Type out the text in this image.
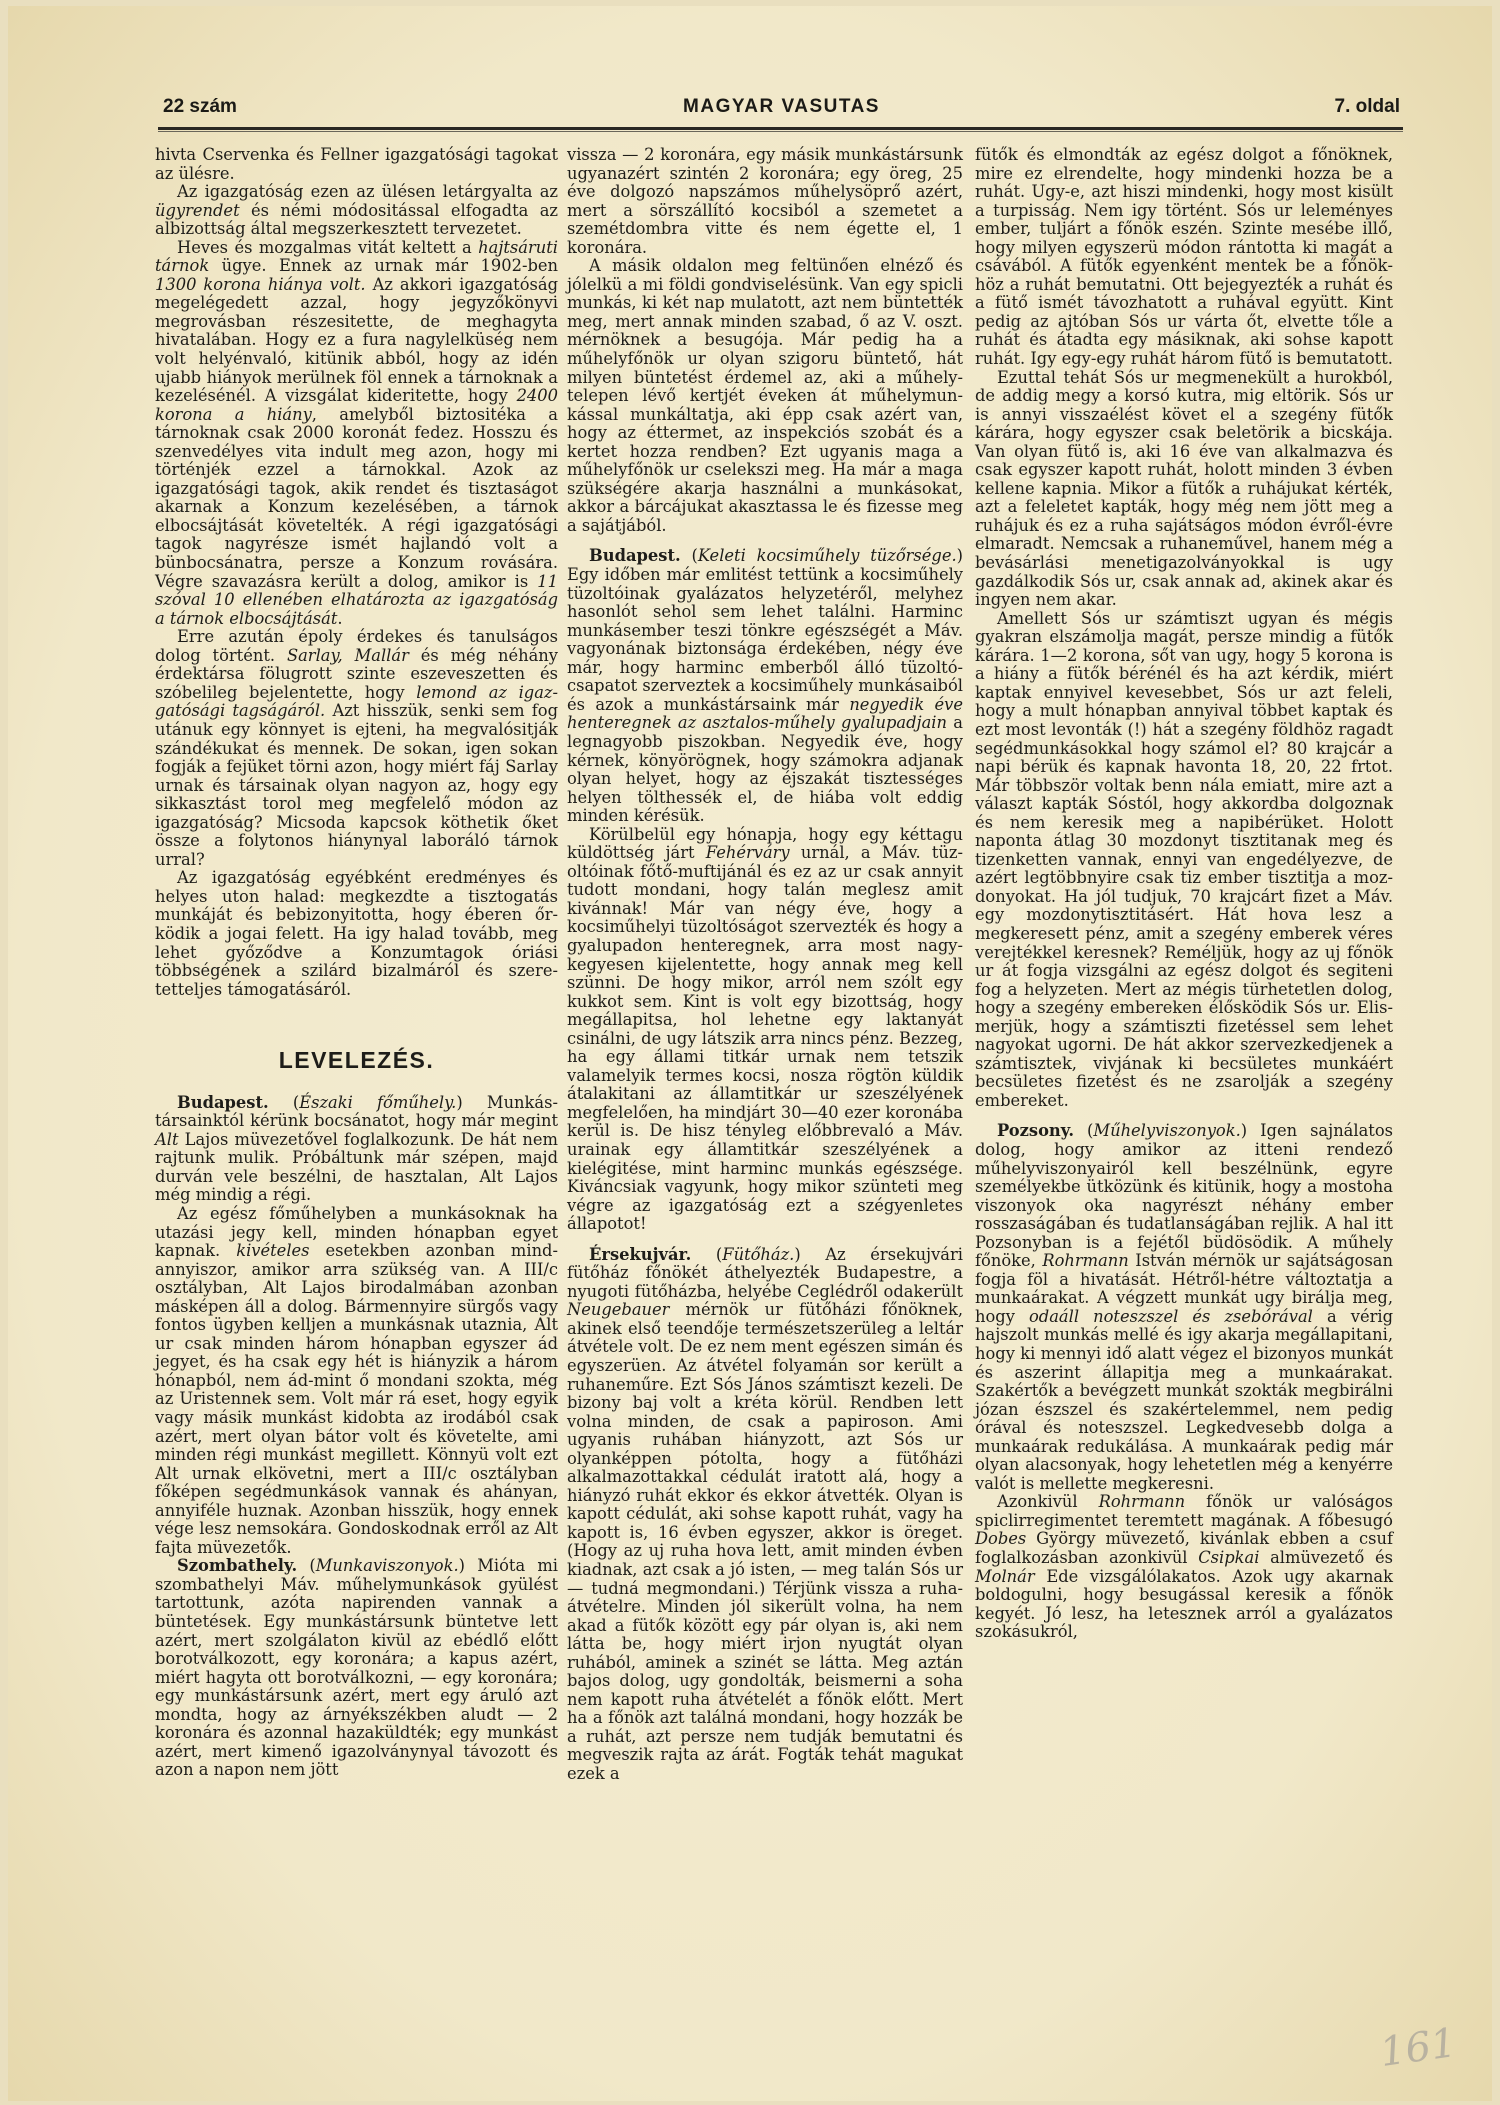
22 szám	MAGYAR VASUTAS	7. oldal

hivta Cservenka és Fellner igazgatósági tagokat az ülésre.

Az igazgatóság ezen az ülésen letárgyalta az ügyrendet és némi módositással elfogadta az albizottság által megszerkesztett tervezetet.

Heves és mozgalmas vitát keltett a hajtsáruti tárnok ügye. Ennek az urnak már 1902-ben 1300 korona hiánya volt. Az akkori igazgatóság megelégedett azzal, hogy jegyzőkönyvi megrovásban részesitette, de meghagyta hivatalában. Hogy ez a fura nagylelküség nem volt helyénvaló, kitünik abból, hogy az idén ujabb hiányok merülnek föl ennek a tárnoknak a kezelésénél. A vizsgálat kideritette, hogy 2400 korona a hiány, amelyből biztositéka a tárnoknak csak 2000 koronát fedez. Hosszu és szenvedélyes vita indult meg azon, hogy mi történjék ezzel a tárnokkal. Azok az igazgatósági tagok, akik rendet és tisztaságot akarnak a Konzum kezelésében, a tárnok elbocsájtását követelték. A régi igazgatósági tagok nagyrésze ismét hajlandó volt a bünbocsánatra, persze a Konzum rovására. Végre szavazásra került a dolog, amikor is 11 szóval 10 ellenében elhatározta az igazgatóság a tárnok elbocsájtását.

Erre azután époly érdekes és tanulságos dolog történt. Sarlay, Mallár és még néhány érdektársa fölugrott szinte eszeveszetten és szóbelileg bejelentette, hogy lemond az igazgatósági tagságáról. Azt hisszük, senki sem fog utánuk egy könnyet is ejteni, ha megvalósitják szándékukat és mennek. De sokan, igen sokan fogják a fejüket törni azon, hogy miért fáj Sarlay urnak és társainak olyan nagyon az, hogy egy sikkasztást torol meg megfelelő módon az igazgatóság? Micsoda kapcsok köthetik őket össze a folytonos hiánynyal laboráló tárnok urral?

Az igazgatóság egyébként eredményes és helyes uton halad: megkezdte a tisztogatás munkáját és bebizonyitotta, hogy éberen őrködik a jogai felett. Ha igy halad tovább, meg lehet győződve a Konzumtagok óriási többségének a szilárd bizalmáról és szeretetteljes támogatásáról.

LEVELEZÉS.

Budapest. (Északi főműhely.) Munkástársainktól kérünk bocsánatot, hogy már megint Alt Lajos müvezetővel foglalkozunk. De hát nem rajtunk mulik. Próbáltunk már szépen, majd durván vele beszélni, de hasztalan, Alt Lajos még mindig a régi.

Az egész főműhelyben a munkásoknak ha utazási jegy kell, minden hónapban egyet kapnak. kivételes esetekben azonban mindannyiszor, amikor arra szükség van. A III/c osztályban, Alt Lajos birodalmában azonban másképen áll a dolog. Bármennyire sürgős vagy fontos ügyben kelljen a munkásnak utaznia, Alt ur csak minden három hónapban egyszer ád jegyet, és ha csak egy hét is hiányzik a három hónapból, nem ád-mint ő mondani szokta, még az Uristennek sem. Volt már rá eset, hogy egyik vagy másik munkást kidobta az irodából csak azért, mert olyan bátor volt és követelte, ami minden régi munkást megillett. Könnyü volt ezt Alt urnak elkövetni, mert a III/c osztályban főképen segédmunkások vannak és ahányan, annyiféle huznak. Azonban hisszük, hogy ennek vége lesz nemsokára. Gondoskodnak erről az Alt fajta müvezetők.

Szombathely. (Munkaviszonyok.) Mióta mi szombathelyi Máv. műhelymunkások gyülést tartottunk, azóta napirenden vannak a büntetések. Egy munkástársunk büntetve lett azért, mert szolgálaton kivül az ebédlő előtt borotválkozott, egy koronára; a kapus azért, miért hagyta ott borotválkozni, — egy koronára; egy munkástársunk azért, mert egy áruló azt mondta, hogy az árnyékszékben aludt — 2 koronára és azonnal hazaküldték; egy munkást azért, mert kimenő igazolványnyal távozott és azon a napon nem jött

vissza — 2 koronára, egy másik munkástársunk ugyanazért szintén 2 koronára; egy öreg, 25 éve dolgozó napszámos műhelysöprő azért, mert a sörszállító kocsiból a szemetet a szemétdombra vitte és nem égette el, 1 koronára.

A másik oldalon meg feltünően elnéző és jólelkü a mi földi gondviselésünk. Van egy spicli munkás, ki két nap mulatott, azt nem büntették meg, mert annak minden szabad, ő az V. oszt. mérnöknek a besugója. Már pedig ha a műhelyfőnök ur olyan szigoru büntető, hát milyen büntetést érdemel az, aki a műhelytelepen lévő kertjét éveken át műhelymunkással munkáltatja, aki épp csak azért van, hogy az éttermet, az inspekciós szobát és a kertet hozza rendben? Ezt ugyanis maga a műhelyfőnök ur cselekszi meg. Ha már a maga szükségére akarja használni a munkásokat, akkor a bárcájukat akasztassa le és fizesse meg a sajátjából.

Budapest. (Keleti kocsiműhely tüzőrsége.) Egy időben már emlitést tettünk a kocsiműhely tüzoltóinak gyalázatos helyzetéről, melyhez hasonlót sehol sem lehet találni. Harminc munkásember teszi tönkre egészségét a Máv. vagyonának biztonsága érdekében, négy éve már, hogy harminc emberből álló tüzoltó-csapatot szerveztek a kocsiműhely munkásaiból és azok a munkástársaink már negyedik éve henteregnek az asztalos-műhely gyalupadjain a legnagyobb piszokban. Negyedik éve, hogy kérnek, könyörögnek, hogy számokra adjanak olyan helyet, hogy az éjszakát tisztességes helyen tölthessék el, de hiába volt eddig minden kérésük.

Körülbelül egy hónapja, hogy egy kéttagu küldöttség járt Fehérváry urnál, a Máv. tüzoltóinak főtő-muftijánál és ez az ur csak annyit tudott mondani, hogy talán meglesz amit kivánnak! Már van négy éve, hogy a kocsiműhelyi tüzoltóságot szervezték és hogy a gyalupadon henteregnek, arra most nagykegyesen kijelentette, hogy annak meg kell szünni. De hogy mikor, arról nem szólt egy kukkot sem. Kint is volt egy bizottság, hogy megállapitsa, hol lehetne egy laktanyát csinálni, de ugy látszik arra nincs pénz. Bezzeg, ha egy állami titkár urnak nem tetszik valamelyik termes kocsi, nosza rögtön küldik átalakitani az államtitkár ur szeszélyének megfelelően, ha mindjárt 30—40 ezer koronába kerül is. De hisz tényleg előbbrevaló a Máv. urainak egy államtitkár szeszélyének a kielégitése, mint harminc munkás egészsége. Kiváncsiak vagyunk, hogy mikor szünteti meg végre az igazgatóság ezt a szégyenletes állapotot!

Érsekujvár. (Fütőház.) Az érsekujvári fütőház főnökét áthelyezték Budapestre, a nyugoti fütőházba, helyébe Ceglédről odakerült Neugebauer mérnök ur fütőházi főnöknek, akinek első teendője természetszerüleg a leltár átvétele volt. De ez nem ment egészen simán és egyszerüen. Az átvétel folyamán sor került a ruhaneműre. Ezt Sós János számtiszt kezeli. De bizony baj volt a kréta körül. Rendben lett volna minden, de csak a papiroson. Ami ugyanis ruhában hiányzott, azt Sós ur olyanképpen pótolta, hogy a fütőházi alkalmazottakkal cédulát iratott alá, hogy a hiányzó ruhát ekkor és ekkor átvették. Olyan is kapott cédulát, aki sohse kapott ruhát, vagy ha kapott is, 16 évben egyszer, akkor is öreget. (Hogy az uj ruha hova lett, amit minden évben kiadnak, azt csak a jó isten, — meg talán Sós ur — tudná megmondani.) Térjünk vissza a ruhaátvételre. Minden jól sikerült volna, ha nem akad a fütők között egy pár olyan is, aki nem látta be, hogy miért irjon nyugtát olyan ruhából, aminek a szinét se látta. Meg aztán bajos dolog, ugy gondolták, beismerni a soha nem kapott ruha átvételét a főnök előtt. Mert ha a főnök azt találná mondani, hogy hozzák be a ruhát, azt persze nem tudják bemutatni és megveszik rajta az árát. Fogták tehát magukat ezek a

fütők és elmondták az egész dolgot a főnöknek, mire ez elrendelte, hogy mindenki hozza be a ruhát. Ugy-e, azt hiszi mindenki, hogy most kisült a turpisság. Nem igy történt. Sós ur leleményes ember, tuljárt a főnök eszén. Szinte mesébe illő, hogy milyen egyszerü módon rántotta ki magát a csávából. A fütők egyenként mentek be a főnökhöz a ruhát bemutatni. Ott bejegyezték a ruhát és a fütő ismét távozhatott a ruhával együtt. Kint pedig az ajtóban Sós ur várta őt, elvette tőle a ruhát és átadta egy másiknak, aki sohse kapott ruhát. Igy egy-egy ruhát három fütő is bemutatott.

Ezuttal tehát Sós ur megmenekült a hurokból, de addig megy a korsó kutra, mig eltörik. Sós ur is annyi visszaélést követ el a szegény fütők kárára, hogy egyszer csak beletörik a bicskája. Van olyan fütő is, aki 16 éve van alkalmazva és csak egyszer kapott ruhát, holott minden 3 évben kellene kapnia. Mikor a fütők a ruhájukat kérték, azt a feleletet kapták, hogy még nem jött meg a ruhájuk és ez a ruha sajátságos módon évről-évre elmaradt. Nemcsak a ruhaneművel, hanem még a bevásárlási menetigazolványokkal is ugy gazdálkodik Sós ur, csak annak ad, akinek akar és ingyen nem akar.

Amellett Sós ur számtiszt ugyan és mégis gyakran elszámolja magát, persze mindig a fütők kárára. 1—2 korona, sőt van ugy, hogy 5 korona is a hiány a fütők bérénél és ha azt kérdik, miért kaptak ennyivel kevesebbet, Sós ur azt feleli, hogy a mult hónapban annyival többet kaptak és ezt most levonták (!) hát a szegény földhöz ragadt segédmunkásokkal hogy számol el? 80 krajcár a napi bérük és kapnak havonta 18, 20, 22 frtot. Már többször voltak benn nála emiatt, mire azt a választ kapták Sóstól, hogy akkordba dolgoznak és nem keresik meg a napibérüket. Holott naponta átlag 30 mozdonyt tisztitanak meg és tizenketten vannak, ennyi van engedélyezve, de azért legtöbbnyire csak tiz ember tisztitja a mozdonyokat. Ha jól tudjuk, 70 krajcárt fizet a Máv. egy mozdonytisztitásért. Hát hova lesz a megkeresett pénz, amit a szegény emberek véres verejtékkel keresnek? Reméljük, hogy az uj főnök ur át fogja vizsgálni az egész dolgot és segiteni fog a helyzeten. Mert az mégis türhetetlen dolog, hogy a szegény embereken élősködik Sós ur. Elismerjük, hogy a számtiszti fizetéssel sem lehet nagyokat ugorni. De hát akkor szervezkedjenek a számtisztek, vivjának ki becsületes munkáért becsületes fizetést és ne zsarolják a szegény embereket.

Pozsony. (Műhelyviszonyok.) Igen sajnálatos dolog, hogy amikor az itteni rendező műhelyviszonyairól kell beszélnünk, egyre személyekbe ütközünk és kitünik, hogy a mostoha viszonyok oka nagyrészt néhány ember rosszaságában és tudatlanságában rejlik. A hal itt Pozsonyban is a fejétől büdösödik. A műhely főnöke, Rohrmann István mérnök ur sajátságosan fogja föl a hivatását. Hétről-hétre változtatja a munkaárakat. A végzett munkát ugy birálja meg, hogy odaáll noteszszel és zsebórával a vérig hajszolt munkás mellé és igy akarja megállapitani, hogy ki mennyi idő alatt végez el bizonyos munkát és aszerint állapitja meg a munkaárakat. Szakértők a bevégzett munkát szokták megbirálni józan észszel és szakértelemmel, nem pedig órával és noteszszel. Legkedvesebb dolga a munkaárak redukálása. A munkaárak pedig már olyan alacsonyak, hogy lehetetlen még a kenyérre valót is mellette megkeresni.

Azonkivül Rohrmann főnök ur valóságos spiclirregimentet teremtett magának. A főbesugó Dobes György müvezető, kivánlak ebben a csuf foglalkozásban azonkivül Csipkai almüvezető és Molnár Ede vizsgálólakatos. Azok ugy akarnak boldogulni, hogy besugással keresik a főnök kegyét. Jó lesz, ha letesznek arról a gyalázatos szokásukról,

161
